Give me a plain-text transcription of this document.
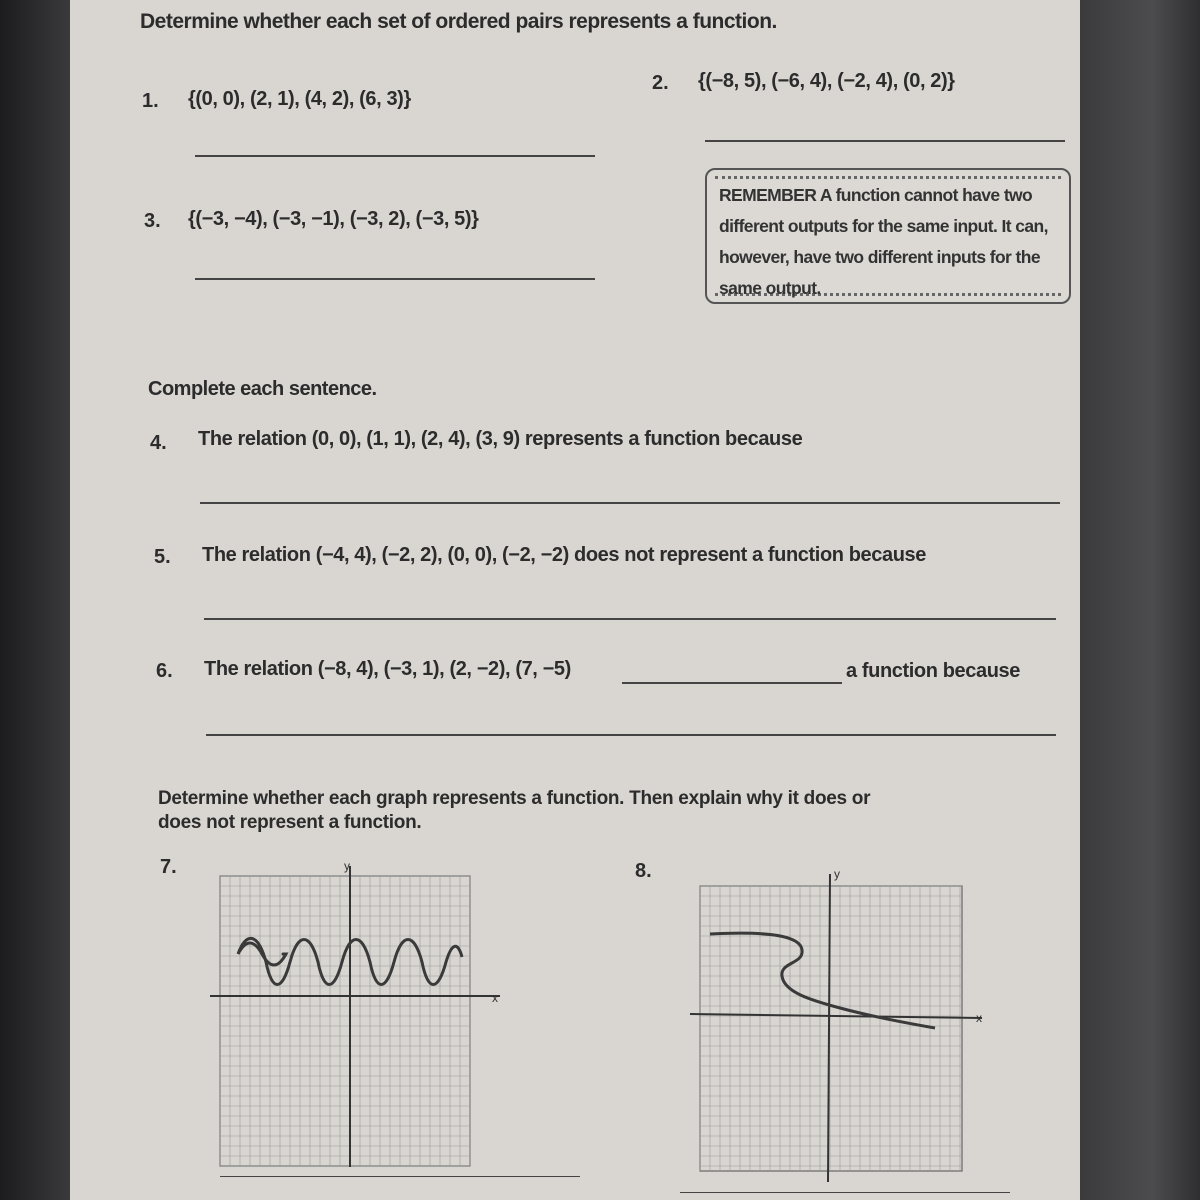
Determine whether each set of ordered pairs represents a function.
1. {(0, 0), (2, 1), (4, 2), (6, 3)}
2. {(−8, 5), (−6, 4), (−2, 4), (0, 2)}
3. {(−3, −4), (−3, −1), (−3, 2), (−3, 5)}
Complete each sentence.
4. The relation (0, 0), (1, 1), (2, 4), (3, 9) represents a function because
5. The relation (−4, 4), (−2, 2), (0, 0), (−2, −2) does not represent a function because
6. The relation (−8, 4), (−3, 1), (2, −2), (7, −5)	a function because
Determine whether each graph represents a function. Then explain why it does or
does not represent a function.
7.	8.
x
y
x
y
REMEMBER A function cannot have two different outputs for the same input. It can, however, have two different inputs for the same output.
